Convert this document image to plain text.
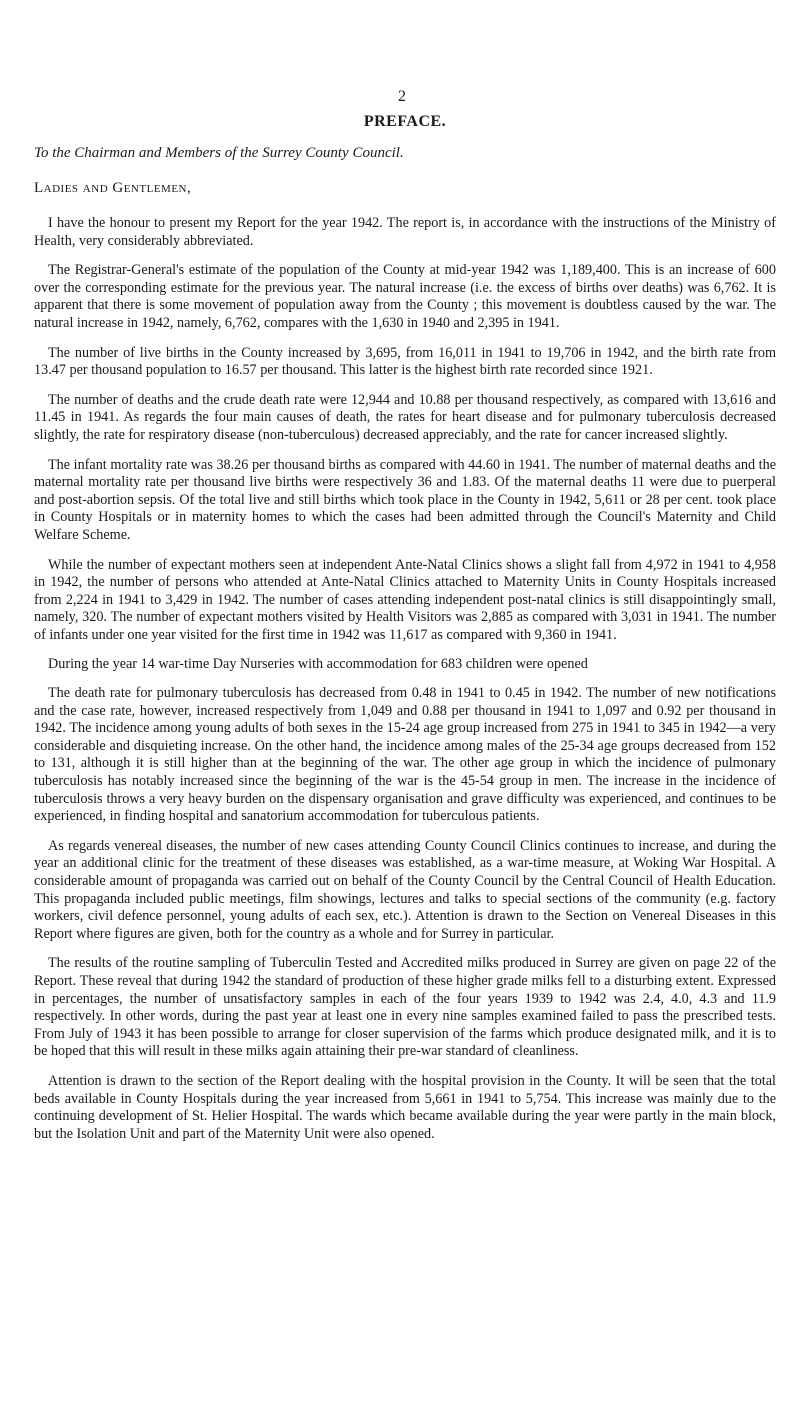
2
PREFACE.
To the Chairman and Members of the Surrey County Council.
Ladies and Gentlemen,

I have the honour to present my Report for the year 1942. The report is, in accordance with the instructions of the Ministry of Health, very considerably abbreviated.

The Registrar-General's estimate of the population of the County at mid-year 1942 was 1,189,400. This is an increase of 600 over the corresponding estimate for the previous year. The natural increase (i.e. the excess of births over deaths) was 6,762. It is apparent that there is some movement of population away from the County ; this movement is doubtless caused by the war. The natural increase in 1942, namely, 6,762, compares with the 1,630 in 1940 and 2,395 in 1941.

The number of live births in the County increased by 3,695, from 16,011 in 1941 to 19,706 in 1942, and the birth rate from 13.47 per thousand population to 16.57 per thousand. This latter is the highest birth rate recorded since 1921.

The number of deaths and the crude death rate were 12,944 and 10.88 per thousand respectively, as compared with 13,616 and 11.45 in 1941. As regards the four main causes of death, the rates for heart disease and for pulmonary tuberculosis decreased slightly, the rate for respiratory disease (non-tuberculous) decreased appreciably, and the rate for cancer increased slightly.

The infant mortality rate was 38.26 per thousand births as compared with 44.60 in 1941. The number of maternal deaths and the maternal mortality rate per thousand live births were respectively 36 and 1.83. Of the maternal deaths 11 were due to puerperal and post-abortion sepsis. Of the total live and still births which took place in the County in 1942, 5,611 or 28 per cent. took place in County Hospitals or in maternity homes to which the cases had been admitted through the Council's Maternity and Child Welfare Scheme.

While the number of expectant mothers seen at independent Ante-Natal Clinics shows a slight fall from 4,972 in 1941 to 4,958 in 1942, the number of persons who attended at Ante-Natal Clinics attached to Maternity Units in County Hospitals increased from 2,224 in 1941 to 3,429 in 1942. The number of cases attending independent post-natal clinics is still disappointingly small, namely, 320. The number of expectant mothers visited by Health Visitors was 2,885 as compared with 3,031 in 1941. The number of infants under one year visited for the first time in 1942 was 11,617 as compared with 9,360 in 1941.

During the year 14 war-time Day Nurseries with accommodation for 683 children were opened

The death rate for pulmonary tuberculosis has decreased from 0.48 in 1941 to 0.45 in 1942. The number of new notifications and the case rate, however, increased respectively from 1,049 and 0.88 per thousand in 1941 to 1,097 and 0.92 per thousand in 1942. The incidence among young adults of both sexes in the 15-24 age group increased from 275 in 1941 to 345 in 1942—a very considerable and disquieting increase. On the other hand, the incidence among males of the 25-34 age groups decreased from 152 to 131, although it is still higher than at the beginning of the war. The other age group in which the incidence of pulmonary tuberculosis has notably increased since the beginning of the war is the 45-54 group in men. The increase in the incidence of tuberculosis throws a very heavy burden on the dispensary organisation and grave difficulty was experienced, and continues to be experienced, in finding hospital and sanatorium accommodation for tuberculous patients.

As regards venereal diseases, the number of new cases attending County Council Clinics continues to increase, and during the year an additional clinic for the treatment of these diseases was established, as a war-time measure, at Woking War Hospital. A considerable amount of propaganda was carried out on behalf of the County Council by the Central Council of Health Education. This propaganda included public meetings, film showings, lectures and talks to special sections of the community (e.g. factory workers, civil defence personnel, young adults of each sex, etc.). Attention is drawn to the Section on Venereal Diseases in this Report where figures are given, both for the country as a whole and for Surrey in particular.

The results of the routine sampling of Tuberculin Tested and Accredited milks produced in Surrey are given on page 22 of the Report. These reveal that during 1942 the standard of production of these higher grade milks fell to a disturbing extent. Expressed in percentages, the number of unsatisfactory samples in each of the four years 1939 to 1942 was 2.4, 4.0, 4.3 and 11.9 respectively. In other words, during the past year at least one in every nine samples examined failed to pass the prescribed tests. From July of 1943 it has been possible to arrange for closer supervision of the farms which produce designated milk, and it is to be hoped that this will result in these milks again attaining their pre-war standard of cleanliness.

Attention is drawn to the section of the Report dealing with the hospital provision in the County. It will be seen that the total beds available in County Hospitals during the year increased from 5,661 in 1941 to 5,754. This increase was mainly due to the continuing development of St. Helier Hospital. The wards which became available during the year were partly in the main block, but the Isolation Unit and part of the Maternity Unit were also opened.
